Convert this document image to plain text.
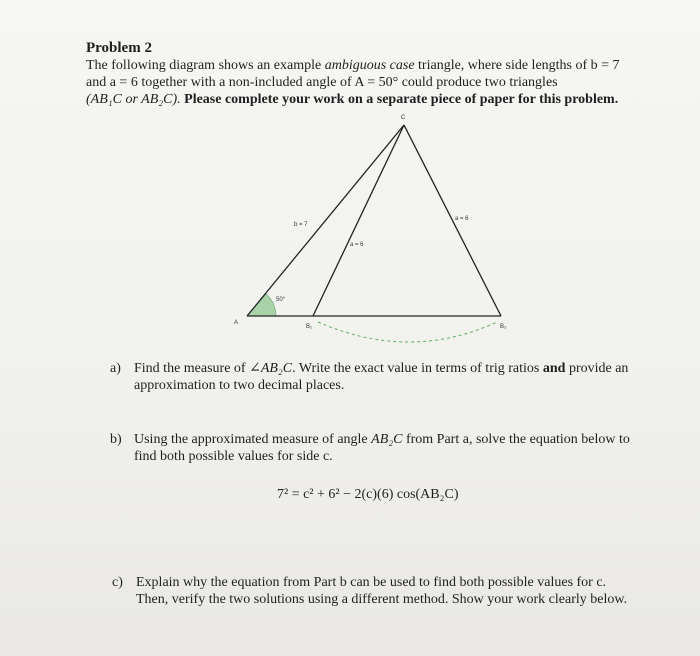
Problem 2

The following diagram shows an example ambiguous case triangle, where side lengths of b = 7
and a = 6 together with a non-included angle of A = 50° could produce two triangles
(AB₁C or AB₂C). Please complete your work on a separate piece of paper for this problem.

C
A
B₁	B₂
b = 7
a = 6
a = 6
50°

a) Find the measure of ∠AB₂C. Write the exact value in terms of trig ratios and provide an
approximation to two decimal places.

b) Using the approximated measure of angle AB₂C from Part a, solve the equation below to
find both possible values for side c.

7² = c² + 6² − 2(c)(6) cos(AB₂C)

c) Explain why the equation from Part b can be used to find both possible values for c.
Then, verify the two solutions using a different method. Show your work clearly below.
